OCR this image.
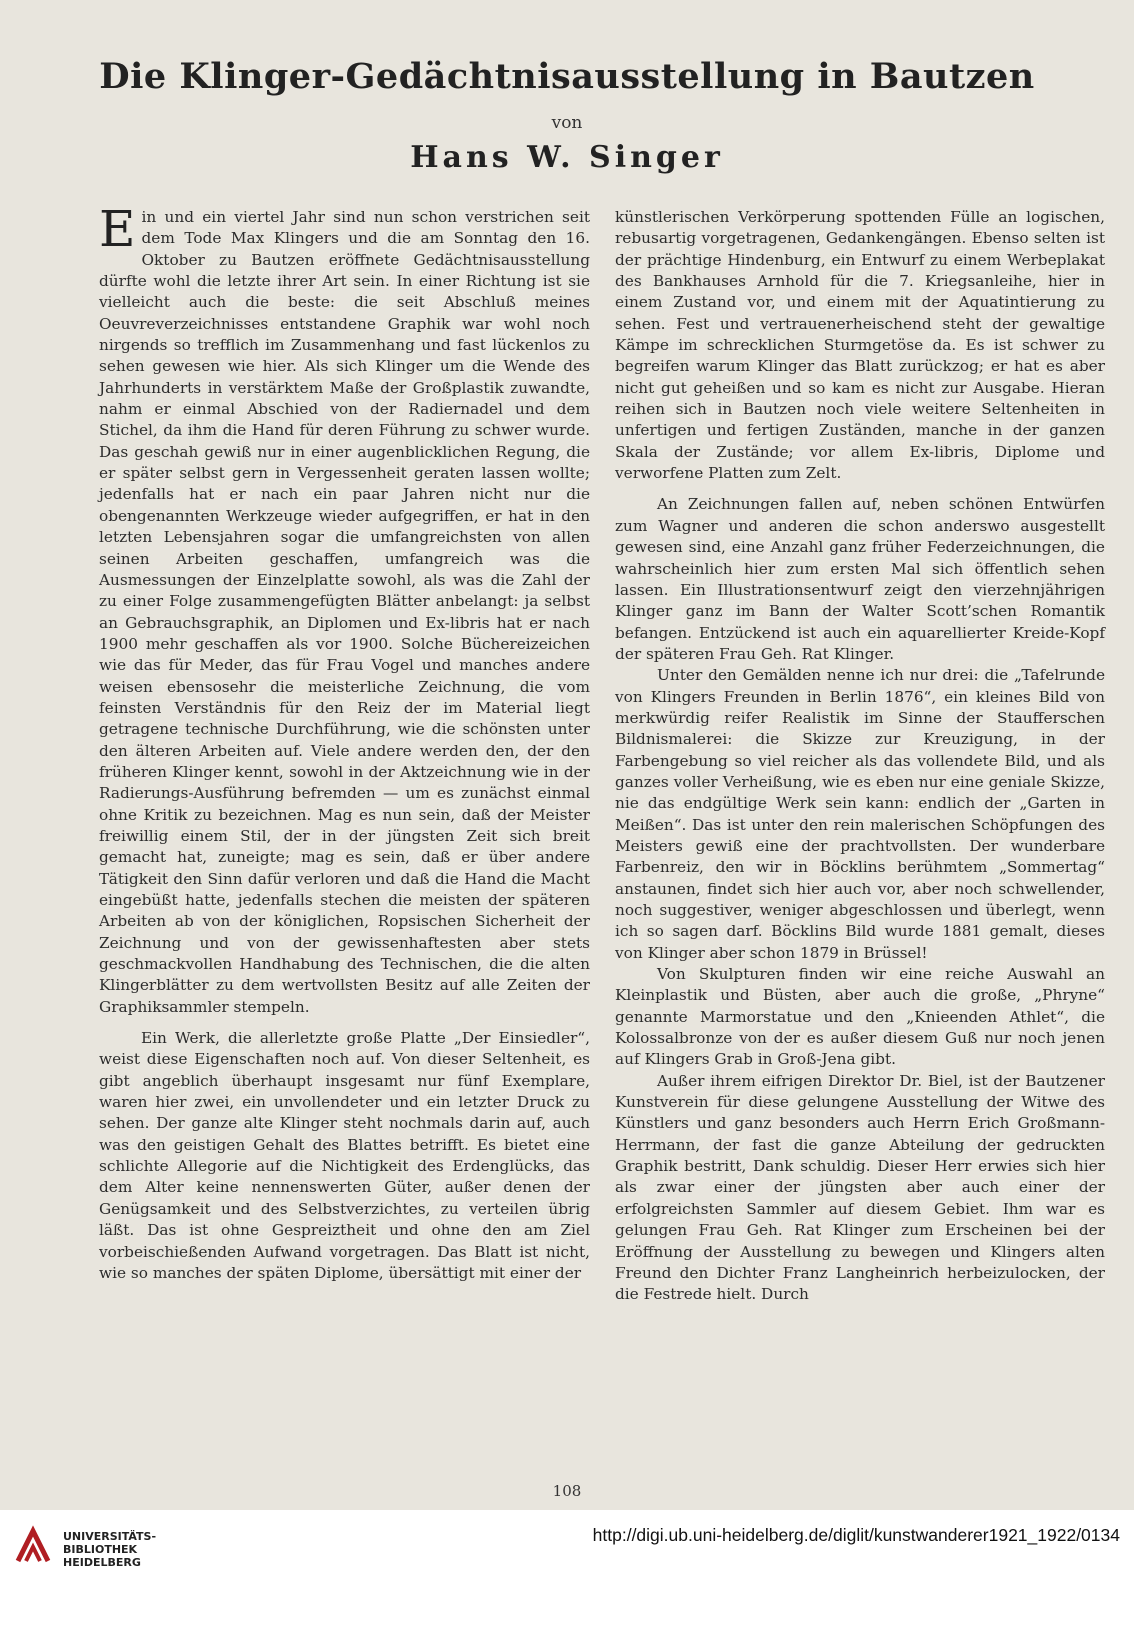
Die Klinger-Gedächtnisausstellung in Bautzen
von
Hans W. Singer

Ein und ein viertel Jahr sind nun schon verstrichen seit dem Tode Max Klingers und die am Sonntag den 16. Oktober zu Bautzen eröffnete Gedächtnisausstellung dürfte wohl die letzte ihrer Art sein. In einer Richtung ist sie vielleicht auch die beste: die seit Abschluß meines Oeuvreverzeichnisses entstandene Graphik war wohl noch nirgends so trefflich im Zusammenhang und fast lückenlos zu sehen gewesen wie hier. Als sich Klinger um die Wende des Jahrhunderts in verstärktem Maße der Großplastik zuwandte, nahm er einmal Abschied von der Radiernadel und dem Stichel, da ihm die Hand für deren Führung zu schwer wurde. Das geschah gewiß nur in einer augenblicklichen Regung, die er später selbst gern in Vergessenheit geraten lassen wollte; jedenfalls hat er nach ein paar Jahren nicht nur die obengenannten Werkzeuge wieder aufgegriffen, er hat in den letzten Lebensjahren sogar die umfangreichsten von allen seinen Arbeiten geschaffen, umfangreich was die Ausmessungen der Einzelplatte sowohl, als was die Zahl der zu einer Folge zusammengefügten Blätter anbelangt: ja selbst an Gebrauchsgraphik, an Diplomen und Ex-libris hat er nach 1900 mehr geschaffen als vor 1900. Solche Büchereizeichen wie das für Meder, das für Frau Vogel und manches andere weisen ebensosehr die meisterliche Zeichnung, die vom feinsten Verständnis für den Reiz der im Material liegt getragene technische Durchführung, wie die schönsten unter den älteren Arbeiten auf. Viele andere werden den, der den früheren Klinger kennt, sowohl in der Aktzeichnung wie in der Radierungs-Ausführung befremden — um es zunächst einmal ohne Kritik zu bezeichnen. Mag es nun sein, daß der Meister freiwillig einem Stil, der in der jüngsten Zeit sich breit gemacht hat, zuneigte; mag es sein, daß er über andere Tätigkeit den Sinn dafür verloren und daß die Hand die Macht eingebüßt hatte, jedenfalls stechen die meisten der späteren Arbeiten ab von der königlichen, Ropsischen Sicherheit der Zeichnung und von der gewissenhaftesten aber stets geschmackvollen Handhabung des Technischen, die die alten Klingerblätter zu dem wertvollsten Besitz auf alle Zeiten der Graphiksammler stempeln.

Ein Werk, die allerletzte große Platte „Der Einsiedler“, weist diese Eigenschaften noch auf. Von dieser Seltenheit, es gibt angeblich überhaupt insgesamt nur fünf Exemplare, waren hier zwei, ein unvollendeter und ein letzter Druck zu sehen. Der ganze alte Klinger steht nochmals darin auf, auch was den geistigen Gehalt des Blattes betrifft. Es bietet eine schlichte Allegorie auf die Nichtigkeit des Erdenglücks, das dem Alter keine nennenswerten Güter, außer denen der Genügsamkeit und des Selbstverzichtes, zu verteilen übrig läßt. Das ist ohne Gespreiztheit und ohne den am Ziel vorbeischießenden Aufwand vorgetragen. Das Blatt ist nicht, wie so manches der späten Diplome, übersättigt mit einer der

künstlerischen Verkörperung spottenden Fülle an logischen, rebusartig vorgetragenen, Gedankengängen. Ebenso selten ist der prächtige Hindenburg, ein Entwurf zu einem Werbeplakat des Bankhauses Arnhold für die 7. Kriegsanleihe, hier in einem Zustand vor, und einem mit der Aquatintierung zu sehen. Fest und vertrauenerheischend steht der gewaltige Kämpe im schrecklichen Sturmgetöse da. Es ist schwer zu begreifen warum Klinger das Blatt zurückzog; er hat es aber nicht gut geheißen und so kam es nicht zur Ausgabe. Hieran reihen sich in Bautzen noch viele weitere Seltenheiten in unfertigen und fertigen Zuständen, manche in der ganzen Skala der Zustände; vor allem Ex-libris, Diplome und verworfene Platten zum Zelt.

An Zeichnungen fallen auf, neben schönen Entwürfen zum Wagner und anderen die schon anderswo ausgestellt gewesen sind, eine Anzahl ganz früher Federzeichnungen, die wahrscheinlich hier zum ersten Mal sich öffentlich sehen lassen. Ein Illustrationsentwurf zeigt den vierzehnjährigen Klinger ganz im Bann der Walter Scott’schen Romantik befangen. Entzückend ist auch ein aquarellierter Kreide-Kopf der späteren Frau Geh. Rat Klinger.

Unter den Gemälden nenne ich nur drei: die „Tafelrunde von Klingers Freunden in Berlin 1876“, ein kleines Bild von merkwürdig reifer Realistik im Sinne der Staufferschen Bildnismalerei: die Skizze zur Kreuzigung, in der Farbengebung so viel reicher als das vollendete Bild, und als ganzes voller Verheißung, wie es eben nur eine geniale Skizze, nie das endgültige Werk sein kann: endlich der „Garten in Meißen“. Das ist unter den rein malerischen Schöpfungen des Meisters gewiß eine der prachtvollsten. Der wunderbare Farbenreiz, den wir in Böcklins berühmtem „Sommertag“ anstaunen, findet sich hier auch vor, aber noch schwellender, noch suggestiver, weniger abgeschlossen und überlegt, wenn ich so sagen darf. Böcklins Bild wurde 1881 gemalt, dieses von Klinger aber schon 1879 in Brüssel!

Von Skulpturen finden wir eine reiche Auswahl an Kleinplastik und Büsten, aber auch die große, „Phryne“ genannte Marmorstatue und den „Knieenden Athlet“, die Kolossalbronze von der es außer diesem Guß nur noch jenen auf Klingers Grab in Groß-Jena gibt.

Außer ihrem eifrigen Direktor Dr. Biel, ist der Bautzener Kunstverein für diese gelungene Ausstellung der Witwe des Künstlers und ganz besonders auch Herrn Erich Großmann-Herrmann, der fast die ganze Abteilung der gedruckten Graphik bestritt, Dank schuldig. Dieser Herr erwies sich hier als zwar einer der jüngsten aber auch einer der erfolgreichsten Sammler auf diesem Gebiet. Ihm war es gelungen Frau Geh. Rat Klinger zum Erscheinen bei der Eröffnung der Ausstellung zu bewegen und Klingers alten Freund den Dichter Franz Langheinrich herbeizulocken, der die Festrede hielt. Durch

108
UNIVERSITÄTS-
BIBLIOTHEK
HEIDELBERG
http://digi.ub.uni-heidelberg.de/diglit/kunstwanderer1921_1922/0134
